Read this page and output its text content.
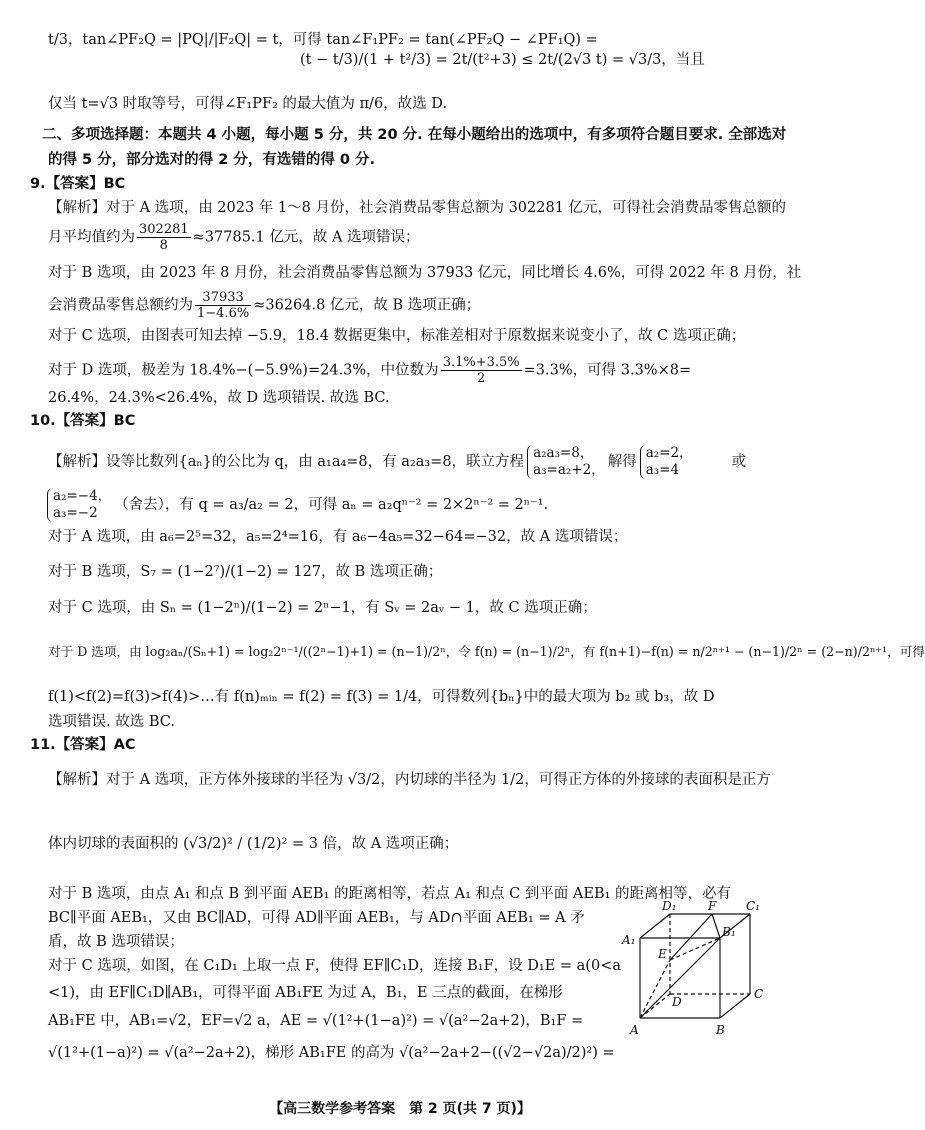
t/3，tan∠PF₂Q = |PQ|/|F₂Q| = t，可得 tan∠F₁PF₂ = tan(∠PF₂Q − ∠PF₁Q) =
(t − t/3)/(1 + t²/3) = 2t/(t²+3) ≤ 2t/(2√3 t) = √3/3，当且
仅当 t=√3 时取等号，可得∠F₁PF₂ 的最大值为 π/6，故选 D.
二、多项选择题：本题共 4 小题，每小题 5 分，共 20 分. 在每小题给出的选项中，有多项符合题目要求. 全部选对
的得 5 分，部分选对的得 2 分，有选错的得 0 分.
9.【答案】BC
【解析】对于 A 选项，由 2023 年 1～8 月份，社会消费品零售总额为 302281 亿元，可得社会消费品零售总额的
月平均值约为 $\frac{302281}{8} \approx 37785.1$ 亿元，故 A 选项错误；
对于 B 选项，由 2023 年 8 月份，社会消费品零售总额为 37933 亿元，同比增长 4.6%，可得 2022 年 8 月份，社
会消费品零售总额约为 $\frac{37933}{1-4.6\%} \approx 36264.8$ 亿元，故 B 选项正确；
对于 C 选项，由图表可知去掉 −5.9，18.4 数据更集中，标准差相对于原数据来说变小了，故 C 选项正确；
对于 D 选项，极差为 18.4%−(−5.9%)=24.3%，中位数为 $\frac{3.1\%+3.5\%}{2} =3.3\%$，可得 3.3%×8=
26.4%，24.3%<26.4%，故 D 选项错误. 故选 BC.
10.【答案】BC
【解析】设等比数列{aₙ}的公比为 q，由 a₁a₄=8，有 a₂a₃=8，联立方程
a₂a₃=8，
a₃=a₂+2， 解得
a₂=2，
a₃=4	或
a₂=−4，
a₃=−2	（舍去），有 q = a₃/a₂ = 2，可得 aₙ = a₂qⁿ⁻² = 2×2ⁿ⁻² = 2ⁿ⁻¹.
对于 A 选项，由 a₆=2⁵=32，a₅=2⁴=16，有 a₆−4a₅=32−64=−32，故 A 选项错误；
对于 B 选项，S₇ = (1−2⁷)/(1−2) = 127，故 B 选项正确；
对于 C 选项，由 Sₙ = (1−2ⁿ)/(1−2) = 2ⁿ−1，有 Sᵥ = 2aᵥ − 1，故 C 选项正确；
对于 D 选项，由 log₂aₙ/(Sₙ+1) = log₂2ⁿ⁻¹/((2ⁿ−1)+1) = (n−1)/2ⁿ，令 f(n) = (n−1)/2ⁿ，有 f(n+1)−f(n) = n/2ⁿ⁺¹ − (n−1)/2ⁿ = (2−n)/2ⁿ⁺¹，可得
f(1)<f(2)=f(3)>f(4)>…有 f(n)ₘᵢₙ = f(2) = f(3) = 1/4，可得数列{bₙ}中的最大项为 b₂ 或 b₃，故 D
选项错误. 故选 BC.
11.【答案】AC
【解析】对于 A 选项，正方体外接球的半径为 √3/2，内切球的半径为 1/2，可得正方体的外接球的表面积是正方
体内切球的表面积的 (√3/2)² / (1/2)² = 3 倍，故 A 选项正确；
对于 B 选项，由点 A₁ 和点 B 到平面 AEB₁ 的距离相等，若点 A₁ 和点 C 到平面 AEB₁ 的距离相等，必有
BC∥平面 AEB₁，又由 BC∥AD，可得 AD∥平面 AEB₁，与 AD∩平面 AEB₁ = A 矛
盾，故 B 选项错误；
对于 C 选项，如图，在 C₁D₁ 上取一点 F，使得 EF∥C₁D，连接 B₁F，设 D₁E = a(0<a
<1)，由 EF∥C₁D∥AB₁，可得平面 AB₁FE 为过 A，B₁，E 三点的截面，在梯形
AB₁FE 中，AB₁=√2，EF=√2 a，AE = √(1²+(1−a)²) = √(a²−2a+2)，B₁F =
√(1²+(1−a)²) = √(a²−2a+2)，梯形 AB₁FE 的高为 √(a²−2a+2−((√2−√2a)/2)²) =
D₁	F C₁
A₁
E
B₁
D
C
A	B
【高三数学参考答案　第 2 页(共 7 页)】
